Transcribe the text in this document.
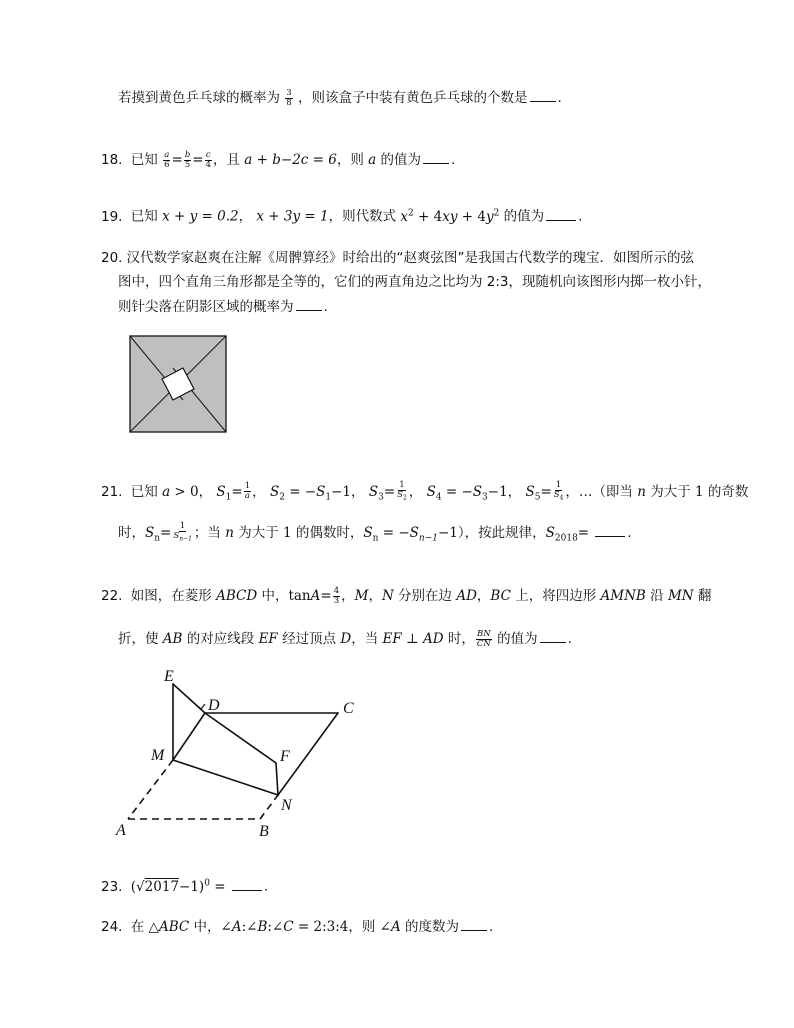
若摸到黄色乒乓球的概率为 $\frac{3}{8}$ ，则该盒子中装有黄色乒乓球的个数是 .
18. 已知 $\frac{a}{6} = \frac{b}{5} = \frac{c}{4}$ ，且 a + b−2c = 6，则 a 的值为 .
19. 已知 x + y = 0.2， x + 3y = 1，则代数式 $x^2 + 4xy + 4y^2$ 的值为	.
20. 汉代数学家赵爽在注解《周髀算经》时给出的“赵爽弦图”是我国古代数学的瑰宝．如图所示的弦
图中，四个直角三角形都是全等的，它们的两直角边之比均为 2:3，现随机向该图形内掷一枚小针，
则针尖落在阴影区域的概率为 .
21. 已知 a > 0， $S_1= \frac{1}{a}$ ， $S_2 = -S_1-1$， $S_3= \frac{1}{S_2}$ ， $S_4 = -S_3-1$， $S_5= \frac{1}{S_4}$ ，…（即当 n 为大于 1 的奇数
时，$S_n= \frac{1}{S_{n-1}}$ ；当 n 为大于 1 的偶数时，$S_n = -S_{n-1}-1$），按此规律，$S_{2018}=$	.
22. 如图，在菱形 ABCD 中，$\tan A= \frac{4}{3}$ ，M，N 分别在边 AD，BC 上，将四边形 AMNB 沿 MN 翻
折，使 AB 的对应线段 EF 经过顶点 D，当 EF ⊥ AD 时， $\frac{BN}{CN}$ 的值为 .
E
D	C
M	F
N
A	B
23. $(√2017-1)^0$ =	.
24. 在 △ABC 中，∠A:∠B:∠C = 2:3:4，则 ∠A 的度数为 .
